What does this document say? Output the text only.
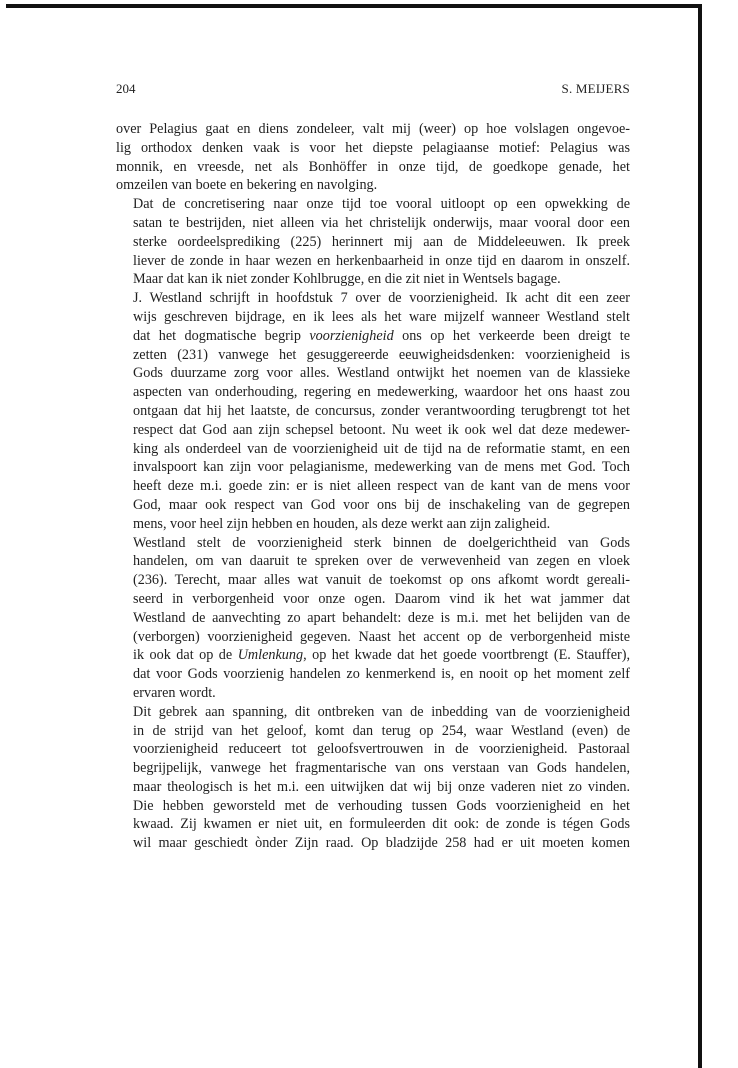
204	S. MEIJERS

over Pelagius gaat en diens zondeleer, valt mij (weer) op hoe volslagen ongevoe-
lig orthodox denken vaak is voor het diepste pelagiaanse motief: Pelagius was
monnik, en vreesde, net als Bonhöffer in onze tijd, de goedkope genade, het
omzeilen van boete en bekering en navolging.

Dat de concretisering naar onze tijd toe vooral uitloopt op een opwekking de
satan te bestrijden, niet alleen via het christelijk onderwijs, maar vooral door een
sterke oordeelsprediking (225) herinnert mij aan de Middeleeuwen. Ik preek
liever de zonde in haar wezen en herkenbaarheid in onze tijd en daarom in onszelf.
Maar dat kan ik niet zonder Kohlbrugge, en die zit niet in Wentsels bagage.

J. Westland schrijft in hoofdstuk 7 over de voorzienigheid. Ik acht dit een zeer
wijs geschreven bijdrage, en ik lees als het ware mijzelf wanneer Westland stelt
dat het dogmatische begrip voorzienigheid ons op het verkeerde been dreigt te
zetten (231) vanwege het gesuggereerde eeuwigheidsdenken: voorzienigheid is
Gods duurzame zorg voor alles. Westland ontwijkt het noemen van de klassieke
aspecten van onderhouding, regering en medewerking, waardoor het ons haast zou
ontgaan dat hij het laatste, de concursus, zonder verantwoording terugbrengt tot het
respect dat God aan zijn schepsel betoont. Nu weet ik ook wel dat deze medewer-
king als onderdeel van de voorzienigheid uit de tijd na de reformatie stamt, en een
invalspoort kan zijn voor pelagianisme, medewerking van de mens met God. Toch
heeft deze m.i. goede zin: er is niet alleen respect van de kant van de mens voor
God, maar ook respect van God voor ons bij de inschakeling van de gegrepen
mens, voor heel zijn hebben en houden, als deze werkt aan zijn zaligheid.

Westland stelt de voorzienigheid sterk binnen de doelgerichtheid van Gods
handelen, om van daaruit te spreken over de verwevenheid van zegen en vloek
(236). Terecht, maar alles wat vanuit de toekomst op ons afkomt wordt gereali-
seerd in verborgenheid voor onze ogen. Daarom vind ik het wat jammer dat
Westland de aanvechting zo apart behandelt: deze is m.i. met het belijden van de
(verborgen) voorzienigheid gegeven. Naast het accent op de verborgenheid miste
ik ook dat op de Umlenkung, op het kwade dat het goede voortbrengt (E. Stauffer),
dat voor Gods voorzienig handelen zo kenmerkend is, en nooit op het moment zelf
ervaren wordt.

Dit gebrek aan spanning, dit ontbreken van de inbedding van de voorzienigheid
in de strijd van het geloof, komt dan terug op 254, waar Westland (even) de
voorzienigheid reduceert tot geloofsvertrouwen in de voorzienigheid. Pastoraal
begrijpelijk, vanwege het fragmentarische van ons verstaan van Gods handelen,
maar theologisch is het m.i. een uitwijken dat wij bij onze vaderen niet zo vinden.
Die hebben geworsteld met de verhouding tussen Gods voorzienigheid en het
kwaad. Zij kwamen er niet uit, en formuleerden dit ook: de zonde is tégen Gods
wil maar geschiedt ònder Zijn raad. Op bladzijde 258 had er uit moeten komen
